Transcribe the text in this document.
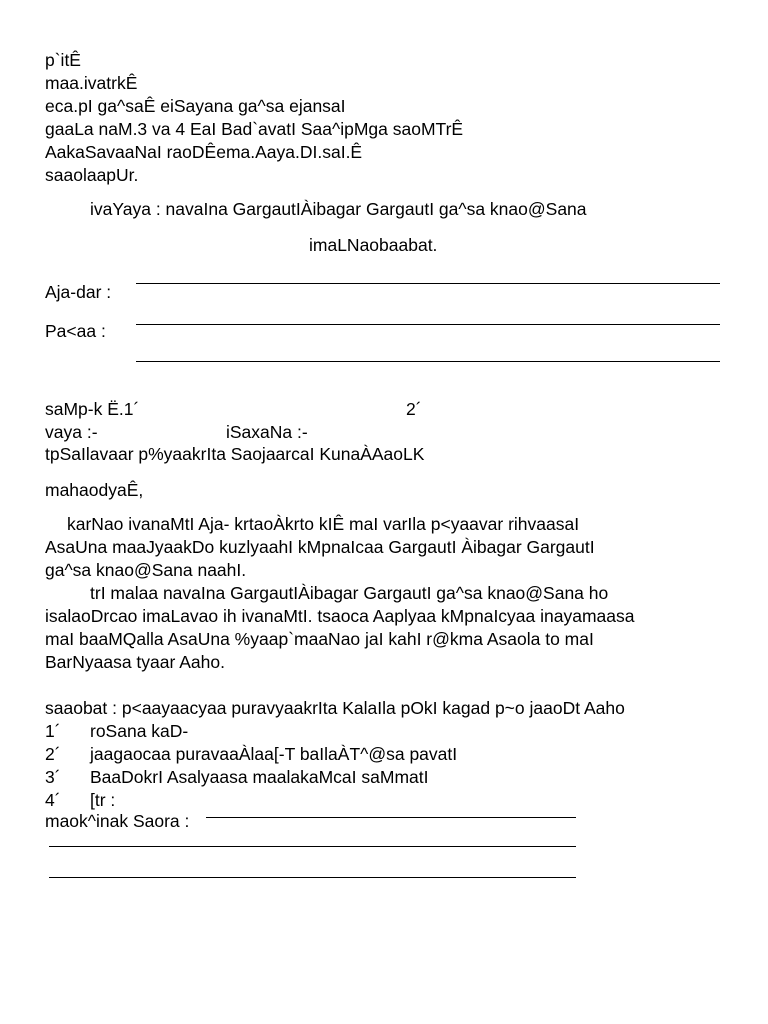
p`itÊ
maa.ivatrkÊ
eca.pI ga^saÊ eiSayana ga^sa ejansaI
gaaLa naM.3 va 4 EaI Bad`avatI Saa^ipMga saoMTrÊ
AakaSavaaNaI raoDÊema.Aaya.DI.saI.Ê
saaolaapUr.
ivaYaya : navaIna GargautIÀibagar GargautI ga^sa knao@Sana
imaLNaobaabat.
Aja-dar :
Pa<aa :
saMp-k Ë.1´	2´
vaya :-	iSaxaNa :-
tpSaIlavaar p%yaakrIta SaojaarcaI KunaÀAaoLK
mahaodyaÊ,
karNao ivanaMtI Aja- krtaoÀkrto kIÊ maI varIla p<yaavar rihvaasaI
AsaUna maaJyaakDo kuzlyaahI kMpnaIcaa GargautI Àibagar GargautI
ga^sa knao@Sana naahI.
trI malaa navaIna GargautIÀibagar GargautI ga^sa knao@Sana ho
isalaoDrcao imaLavao ih ivanaMtI. tsaoca Aaplyaa kMpnaIcyaa inayamaasa
maI baaMQalla AsaUna %yaap`maaNao jaI kahI r@kma Asaola to maI
BarNyaasa tyaar Aaho.
saaobat : p<aayaacyaa puravyaakrIta KalaIla pOkI kagad p~o jaaoDt Aaho
1´ roSana kaD-
2´ jaagaocaa puravaaÀlaa[-T baIlaÀT^@sa pavatI
3´ BaaDokrI Asalyaasa maalakaMcaI saMmatI
4´ [tr :
maok^inak Saora :
